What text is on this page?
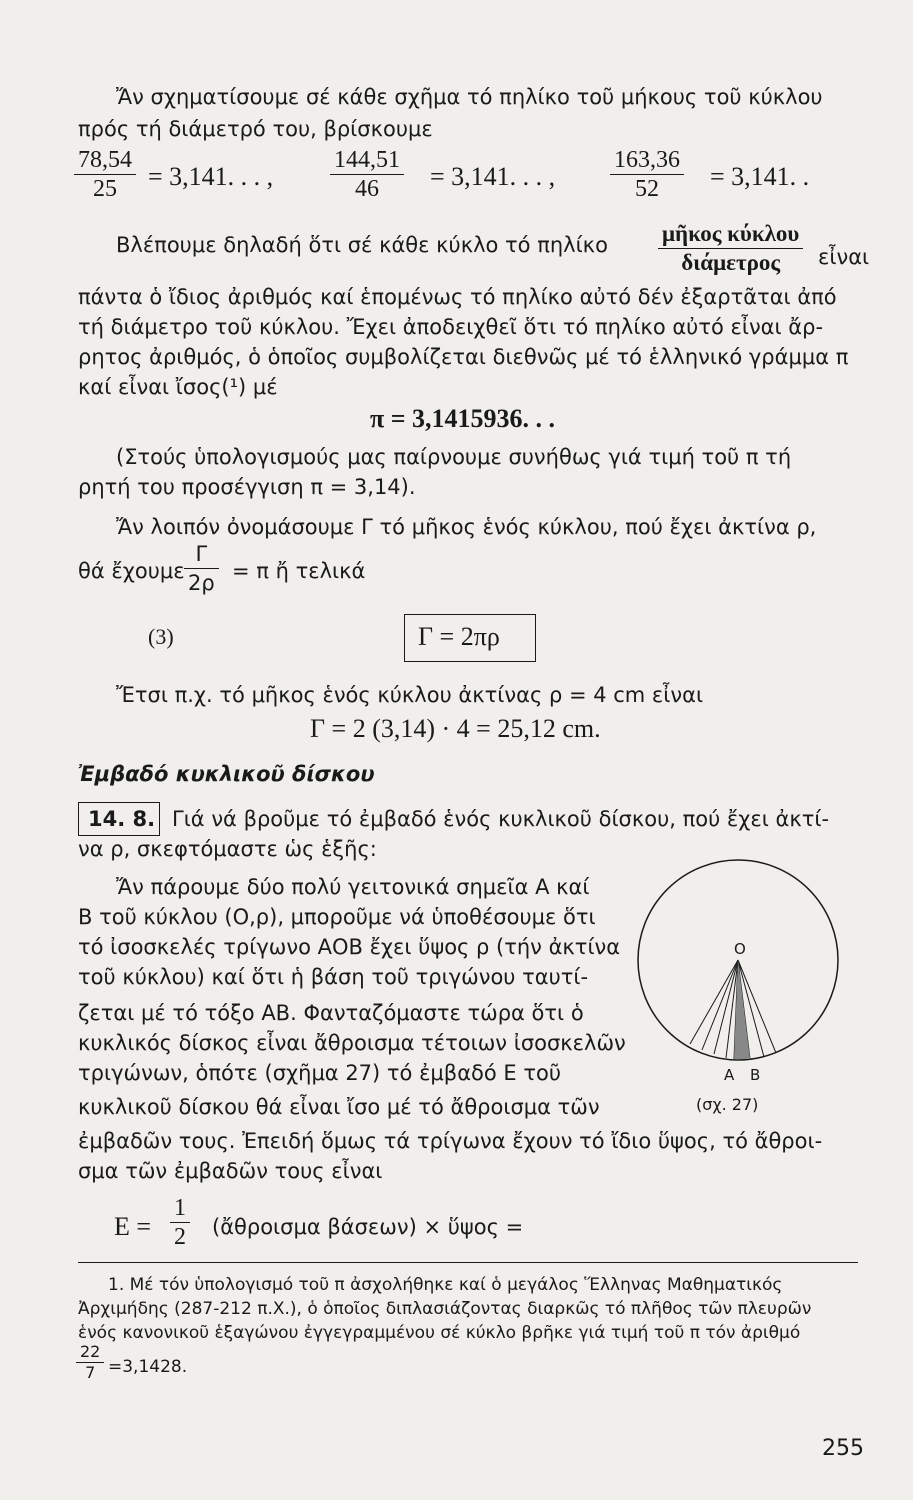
Ἄν σχηματίσουμε σέ κάθε σχῆμα τό πηλίκο τοῦ μήκους τοῦ κύκλου
πρός τή διάμετρό του, βρίσκουμε
78,54
25 = 3,141. . . ,
144,51
46 = 3,141. . . ,
163,36
52 = 3,141. .
Βλέπουμε δηλαδή ὅτι σέ κάθε κύκλο τό πηλίκο μῆκος κύκλου
διάμετρος εἶναι
πάντα ὁ ἴδιος ἀριθμός καί ἑπομένως τό πηλίκο αὐτό δέν ἐξαρτᾶται ἀπό
τή διάμετρο τοῦ κύκλου. Ἔχει ἀποδειχθεῖ ὅτι τό πηλίκο αὐτό εἶναι ἄρ-
ρητος ἀριθμός, ὁ ὁποῖος συμβολίζεται διεθνῶς μέ τό ἑλληνικό γράμμα π
καί εἶναι ἴσος(¹) μέ
π = 3,1415936. . .
(Στούς ὑπολογισμούς μας παίρνουμε συνήθως γιά τιμή τοῦ π τή
ρητή του προσέγγιση π = 3,14).
Ἄν λοιπόν ὀνομάσουμε Γ τό μῆκος ἑνός κύκλου, πού ἔχει ἀκτίνα ρ,
θά ἔχουμε
Γ
2ρ = π ἤ τελικά
(3)	Γ = 2πρ
Ἔτσι π.χ. τό μῆκος ἑνός κύκλου ἀκτίνας ρ = 4 cm εἶναι
Γ = 2 (3,14) · 4 = 25,12 cm.
Ἐμβαδό κυκλικοῦ δίσκου
14. 8. Γιά νά βροῦμε τό ἐμβαδό ἑνός κυκλικοῦ δίσκου, πού ἔχει ἀκτί-
να ρ, σκεφτόμαστε ὡς ἑξῆς:
Ἄν πάρουμε δύο πολύ γειτονικά σημεῖα Α καί
Β τοῦ κύκλου (Ο,ρ), μποροῦμε νά ὑποθέσουμε ὅτι
τό ἰσοσκελές τρίγωνο ΑΟΒ ἔχει ὕψος ρ (τήν ἀκτίνα
τοῦ κύκλου) καί ὅτι ἡ βάση τοῦ τριγώνου ταυτί-
ζεται μέ τό τόξο ΑΒ. Φανταζόμαστε τώρα ὅτι ὁ
κυκλικός δίσκος εἶναι ἄθροισμα τέτοιων ἰσοσκελῶν
τριγώνων, ὁπότε (σχῆμα 27) τό ἐμβαδό Ε τοῦ
κυκλικοῦ δίσκου θά εἶναι ἴσο μέ τό ἄθροισμα τῶν
ἐμβαδῶν τους. Ἐπειδή ὅμως τά τρίγωνα ἔχουν τό ἴδιο ὕψος, τό ἄθροι-
σμα τῶν ἐμβαδῶν τους εἶναι
Ο
Α Β
(σχ. 27)
Ε =
1
2 (ἄθροισμα βάσεων) × ὕψος =
1. Μέ τόν ὑπολογισμό τοῦ π ἀσχολήθηκε καί ὁ μεγάλος Ἕλληνας Μαθηματικός
Ἀρχιμήδης (287-212 π.Χ.), ὁ ὁποῖος διπλασιάζοντας διαρκῶς τό πλῆθος τῶν πλευρῶν
ἑνός κανονικοῦ ἑξαγώνου ἐγγεγραμμένου σέ κύκλο βρῆκε γιά τιμή τοῦ π τόν ἀριθμό
22
7 =3,1428.
255
